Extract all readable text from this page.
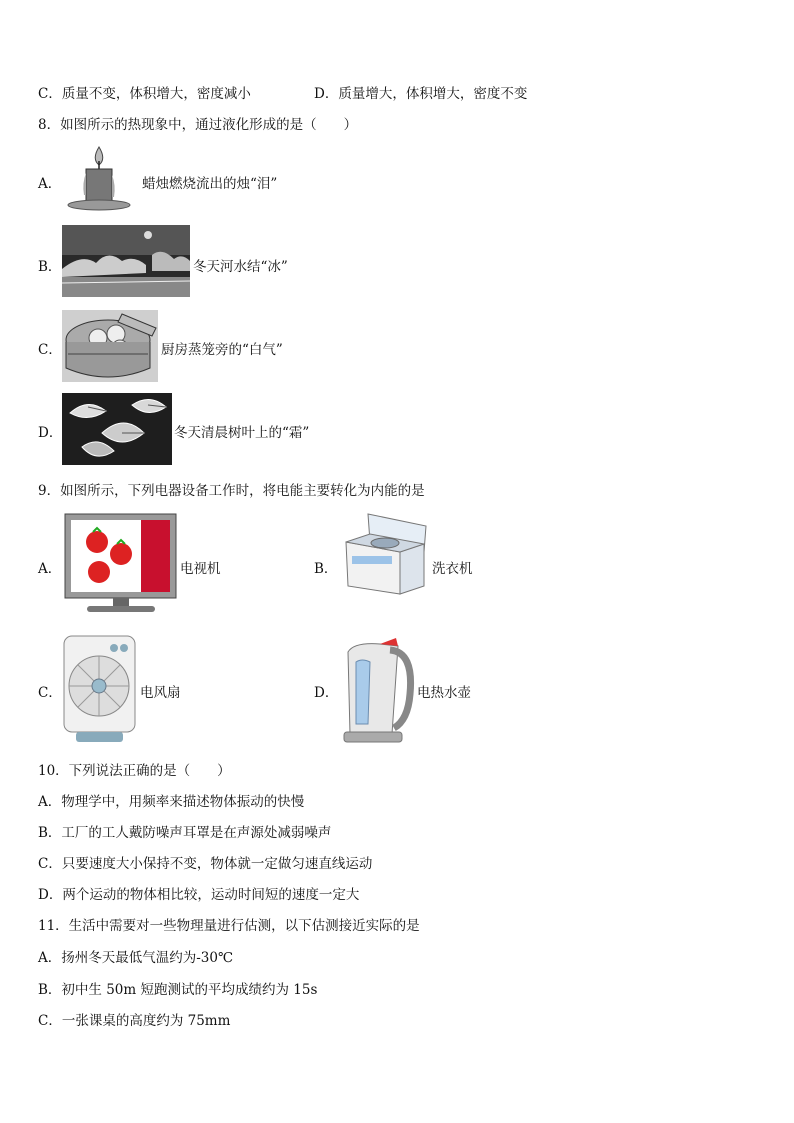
C．质量不变，体积增大，密度减小	D．质量增大，体积增大，密度不变
8．如图所示的热现象中，通过液化形成的是（　　）
A．	蜡烛燃烧流出的烛“泪”
B．	冬天河水结“冰”
C．	厨房蒸笼旁的“白气”
D．	冬天清晨树叶上的“霜”
9．如图所示，下列电器设备工作时，将电能主要转化为内能的是
A．	电视机	B．	洗衣机
C．	电风扇	D．	电热水壶
10．下列说法正确的是（　　）
A．物理学中，用频率来描述物体振动的快慢
B．工厂的工人戴防噪声耳罩是在声源处减弱噪声
C．只要速度大小保持不变，物体就一定做匀速直线运动
D．两个运动的物体相比较，运动时间短的速度一定大
11．生活中需要对一些物理量进行估测，以下估测接近实际的是
A．扬州冬天最低气温约为-30℃
B．初中生 50m 短跑测试的平均成绩约为 15s
C．一张课桌的高度约为 75mm
